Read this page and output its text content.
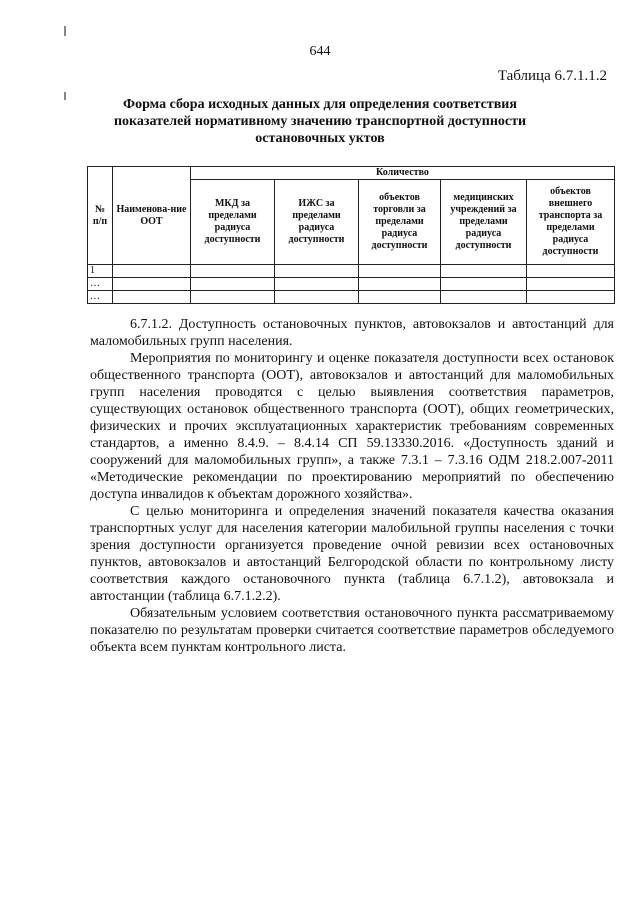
644
Таблица 6.7.1.1.2
Форма сбора исходных данных для определения соответствия показателей нормативному значению транспортной доступности остановочных уктов
№ п/п	Наименова-ние ООТ	Количество				
		МКД за пределами радиуса доступности	ИЖС за пределами радиуса доступности	объектов торговли за пределами радиуса доступности	медицинских учреждений за пределами радиуса доступности	объектов внешнего транспорта за пределами радиуса доступности
1						
…						
…						

6.7.1.2. Доступность остановочных пунктов, автовокзалов и автостанций для маломобильных групп населения.

Мероприятия по мониторингу и оценке показателя доступности всех остановок общественного транспорта (ООТ), автовокзалов и автостанций для маломобильных групп населения проводятся с целью выявления соответствия параметров, существующих остановок общественного транспорта (ООТ), общих геометрических, физических и прочих эксплуатационных характеристик требованиям современных стандартов, а именно 8.4.9. – 8.4.14 СП 59.13330.2016. «Доступность зданий и сооружений для маломобильных групп», а также 7.3.1 – 7.3.16 ОДМ 218.2.007-2011 «Методические рекомендации по проектированию мероприятий по обеспечению доступа инвалидов к объектам дорожного хозяйства».

С целью мониторинга и определения значений показателя качества оказания транспортных услуг для населения категории малобильной группы населения с точки зрения доступности организуется проведение очной ревизии всех остановочных пунктов, автовокзалов и автостанций Белгородской области по контрольному листу соответствия каждого остановочного пункта (таблица 6.7.1.2), автовокзала и автостанции (таблица 6.7.1.2.2).

Обязательным условием соответствия остановочного пункта рассматриваемому показателю по результатам проверки считается соответствие параметров обследуемого объекта всем пунктам контрольного листа.
